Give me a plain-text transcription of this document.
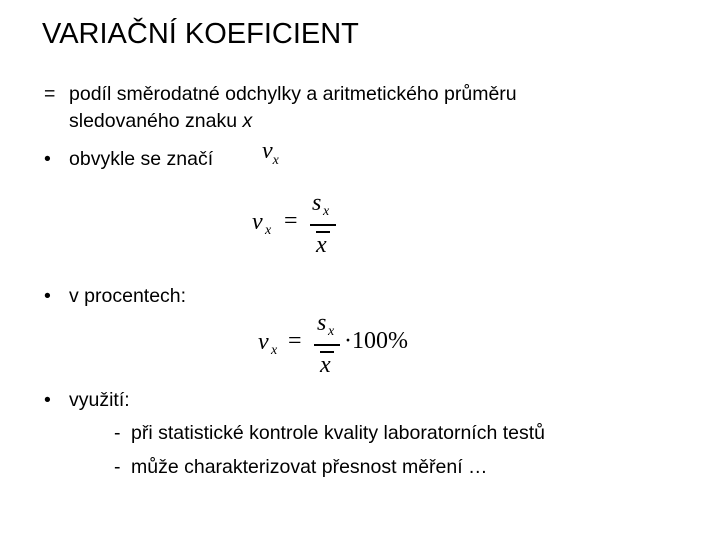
VARIAČNÍ KOEFICIENT
= podíl směrodatné odchylky a aritmetického průměru
sledovaného znaku x
• obvykle se značí $v_x$
v x =
s x
x
• v procentech:
v x =
s x
x
·100%
• využití:
- při statistické kontrole kvality laboratorních testů
- může charakterizovat přesnost měření …
